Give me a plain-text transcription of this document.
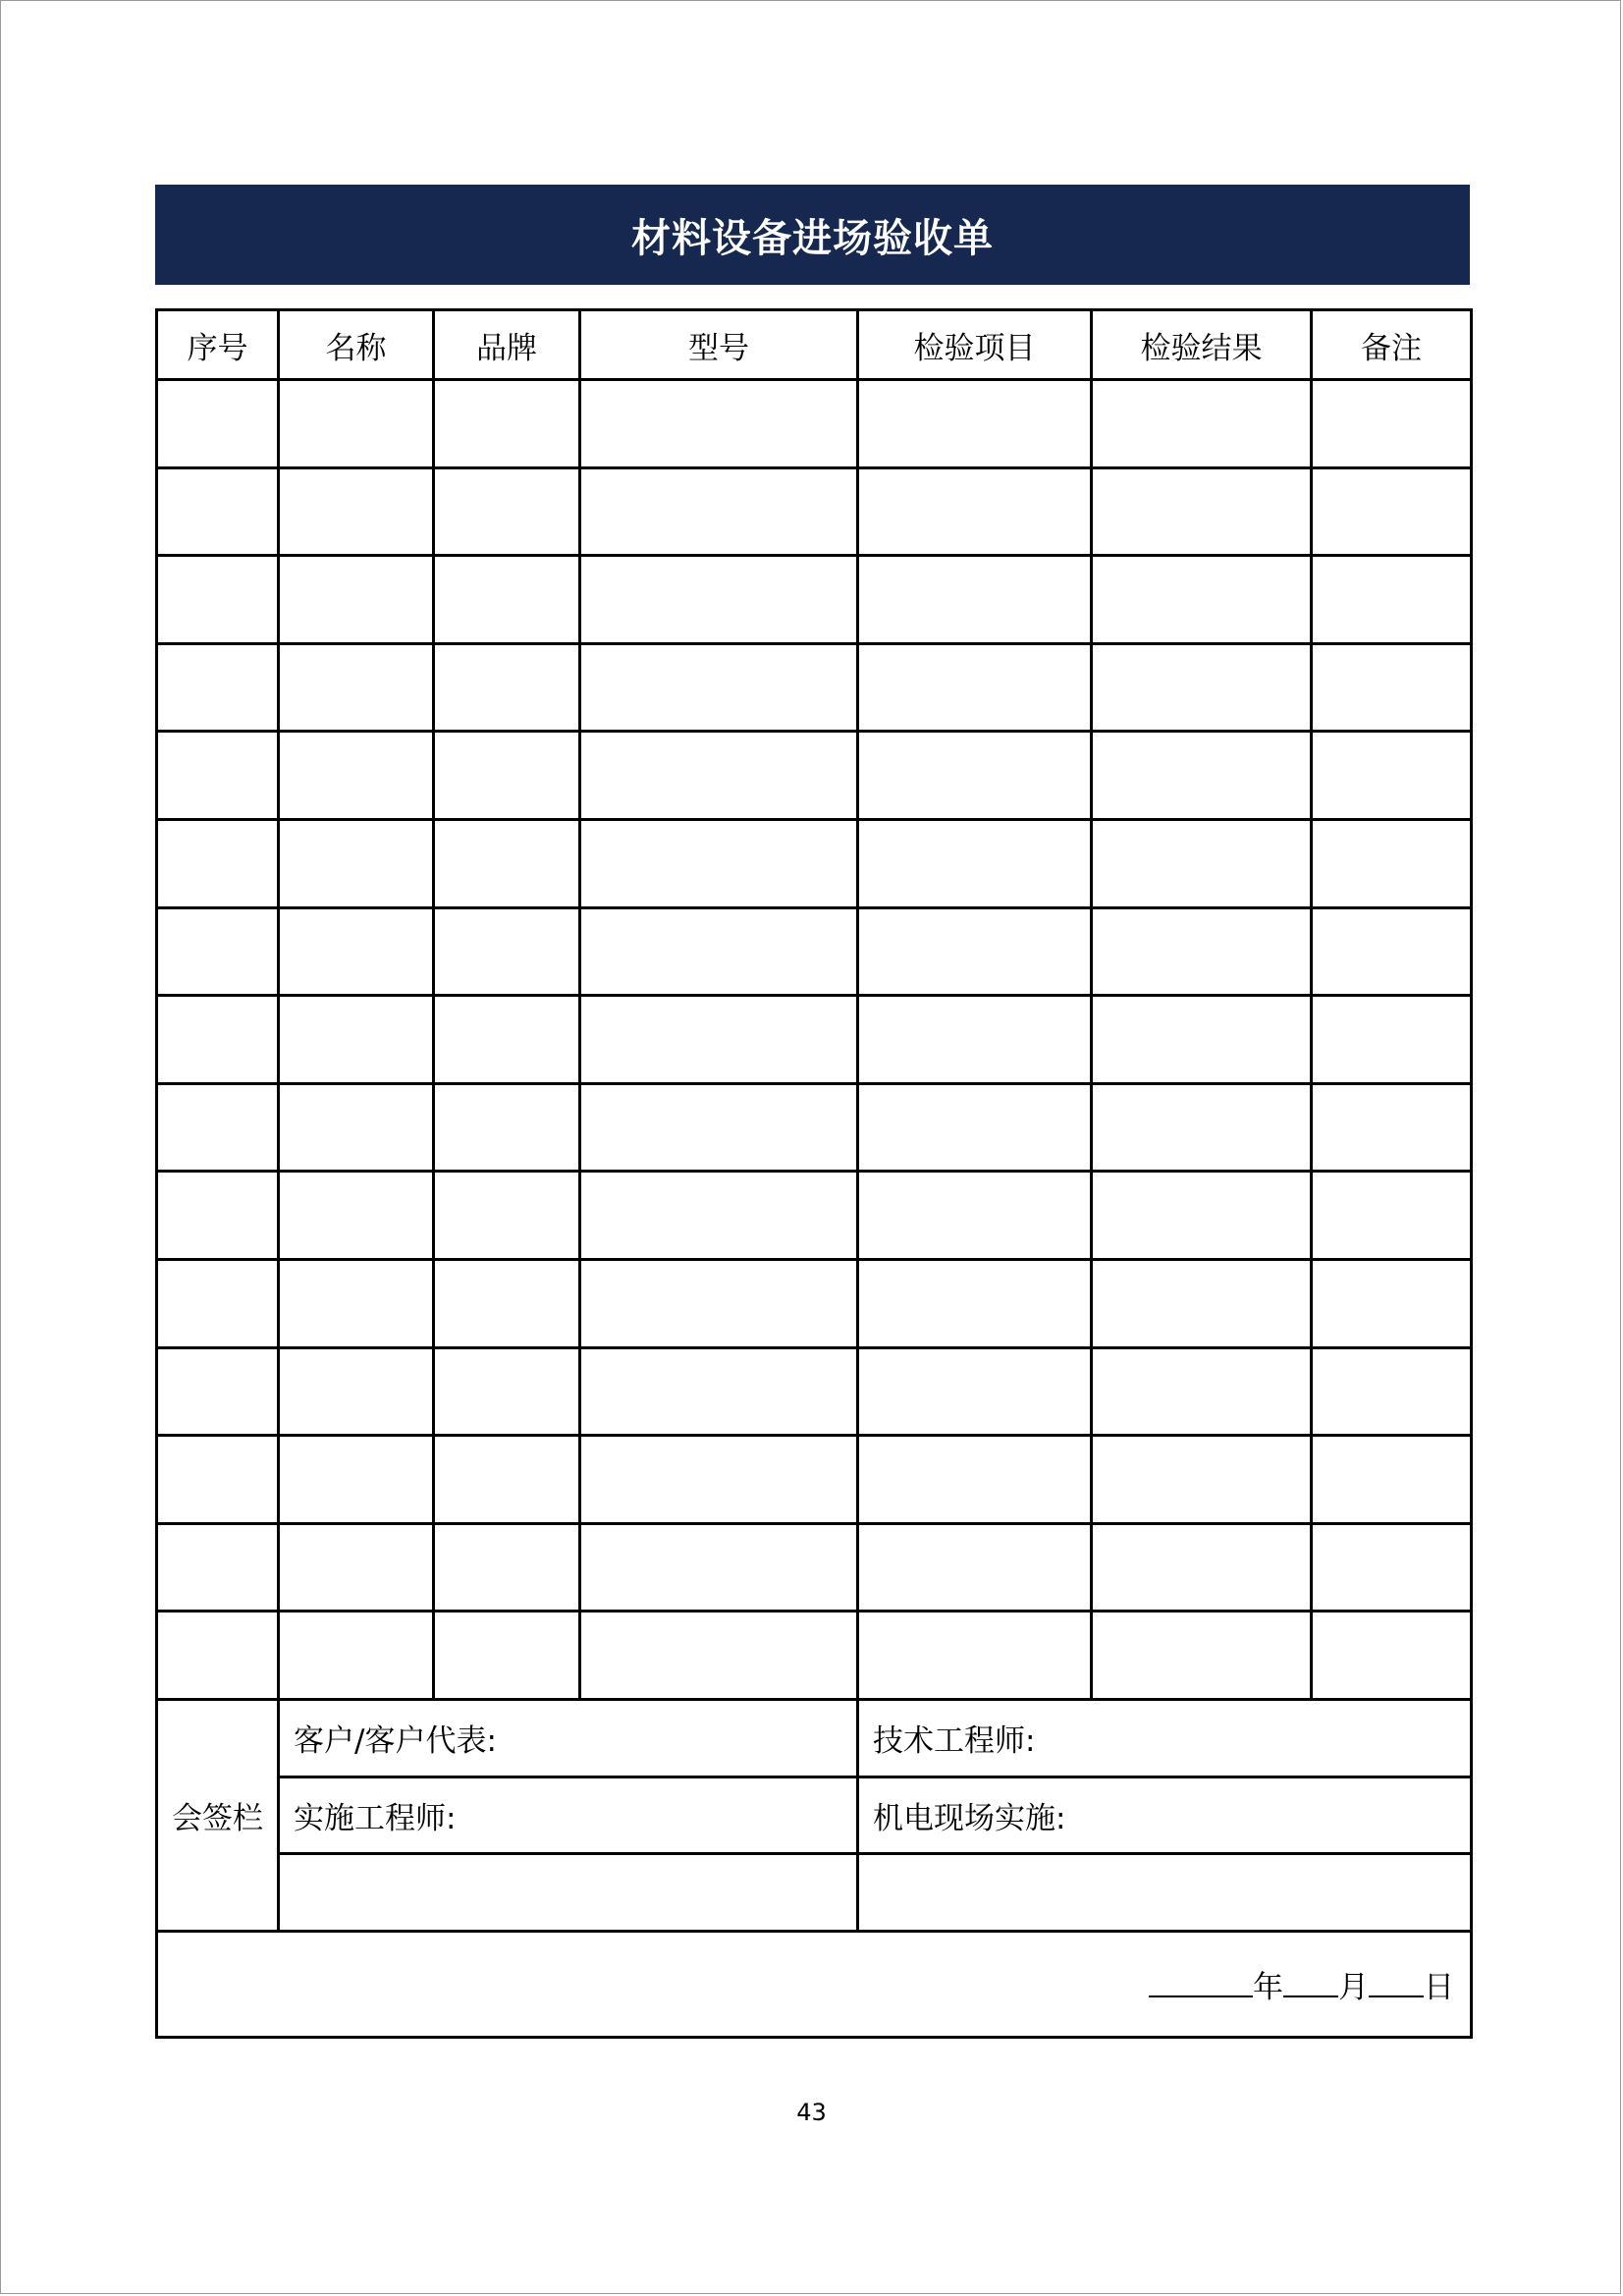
材料设备进场验收单
序号	名称	品牌	型号	检验项目	检验结果	备注

会签栏	客户/客户代表:			技术工程师:		
	实施工程师:			机电现场实施:		

年 月 日						
43
